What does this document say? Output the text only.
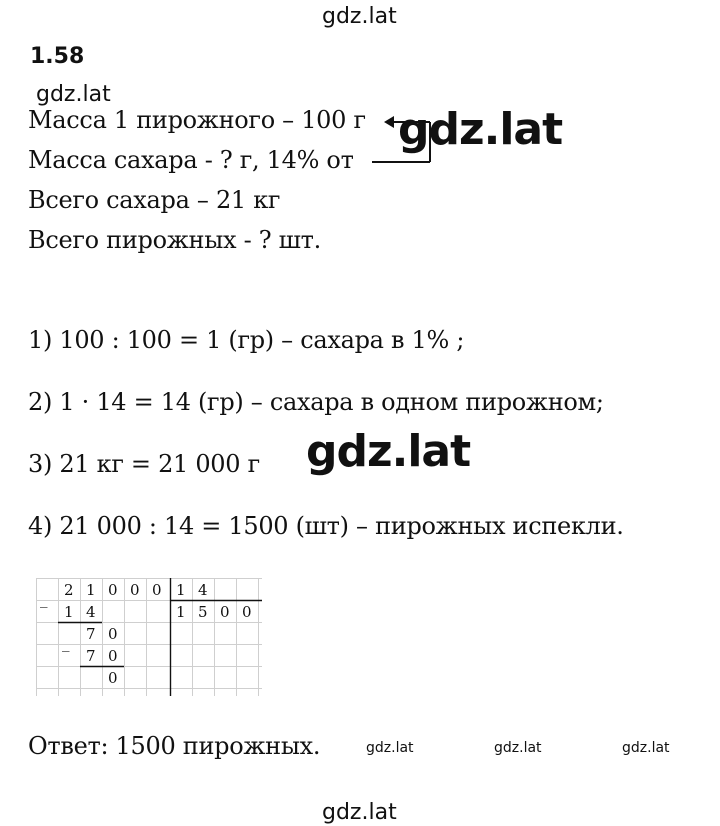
gdz.lat
1.58
gdz.lat
Масса 1 пирожного – 100 г
Масса сахара - ? г, 14% от
Всего сахара – 21 кг
Всего пирожных - ? шт.
gdz.lat
1) 100 : 100 = 1 (гр) – сахара в 1% ;
2) 1 · 14 = 14 (гр) – сахара в одном пирожном;
3) 21 кг = 21 000 г
4) 21 000 : 14 = 1500 (шт) – пирожных испекли.
gdz.lat
_ 2 1 0 0 0 1 4
1 4	1 5 0 0
_ 7 0
7 0
0
Ответ: 1500 пирожных.	gdz.lat	gdz.lat	gdz.lat
gdz.lat
